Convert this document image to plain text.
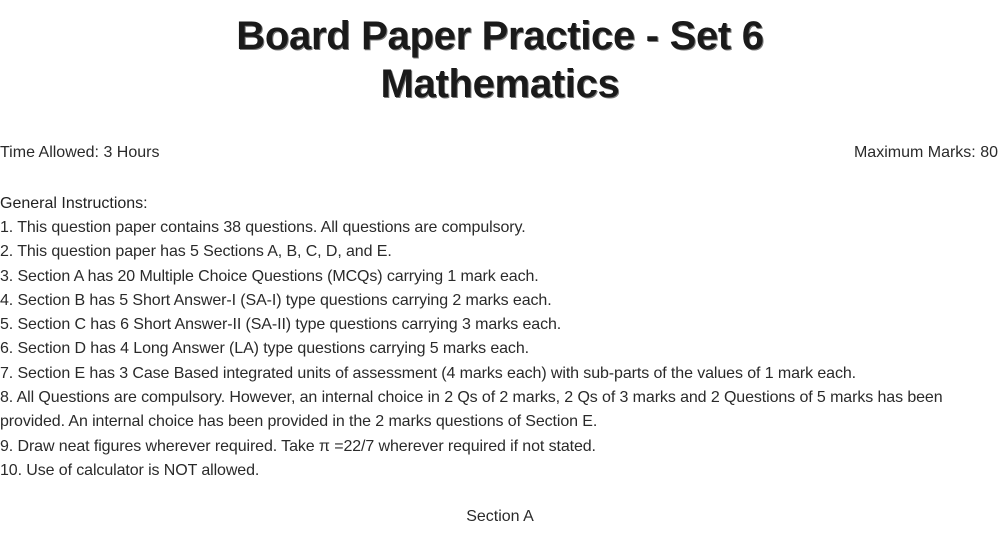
Board Paper Practice - Set 6
Mathematics
Time Allowed: 3 Hours	Maximum Marks: 80
General Instructions:
1. This question paper contains 38 questions. All questions are compulsory.
2. This question paper has 5 Sections A, B, C, D, and E.
3. Section A has 20 Multiple Choice Questions (MCQs) carrying 1 mark each.
4. Section B has 5 Short Answer-I (SA-I) type questions carrying 2 marks each.
5. Section C has 6 Short Answer-II (SA-II) type questions carrying 3 marks each.
6. Section D has 4 Long Answer (LA) type questions carrying 5 marks each.
7. Section E has 3 Case Based integrated units of assessment (4 marks each) with sub-parts of the values of 1 mark each.
8. All Questions are compulsory. However, an internal choice in 2 Qs of 2 marks, 2 Qs of 3 marks and 2 Questions of 5 marks has been provided. An internal choice has been provided in the 2 marks questions of Section E.
9. Draw neat figures wherever required. Take π =22/7 wherever required if not stated.
10. Use of calculator is NOT allowed.
Section A
